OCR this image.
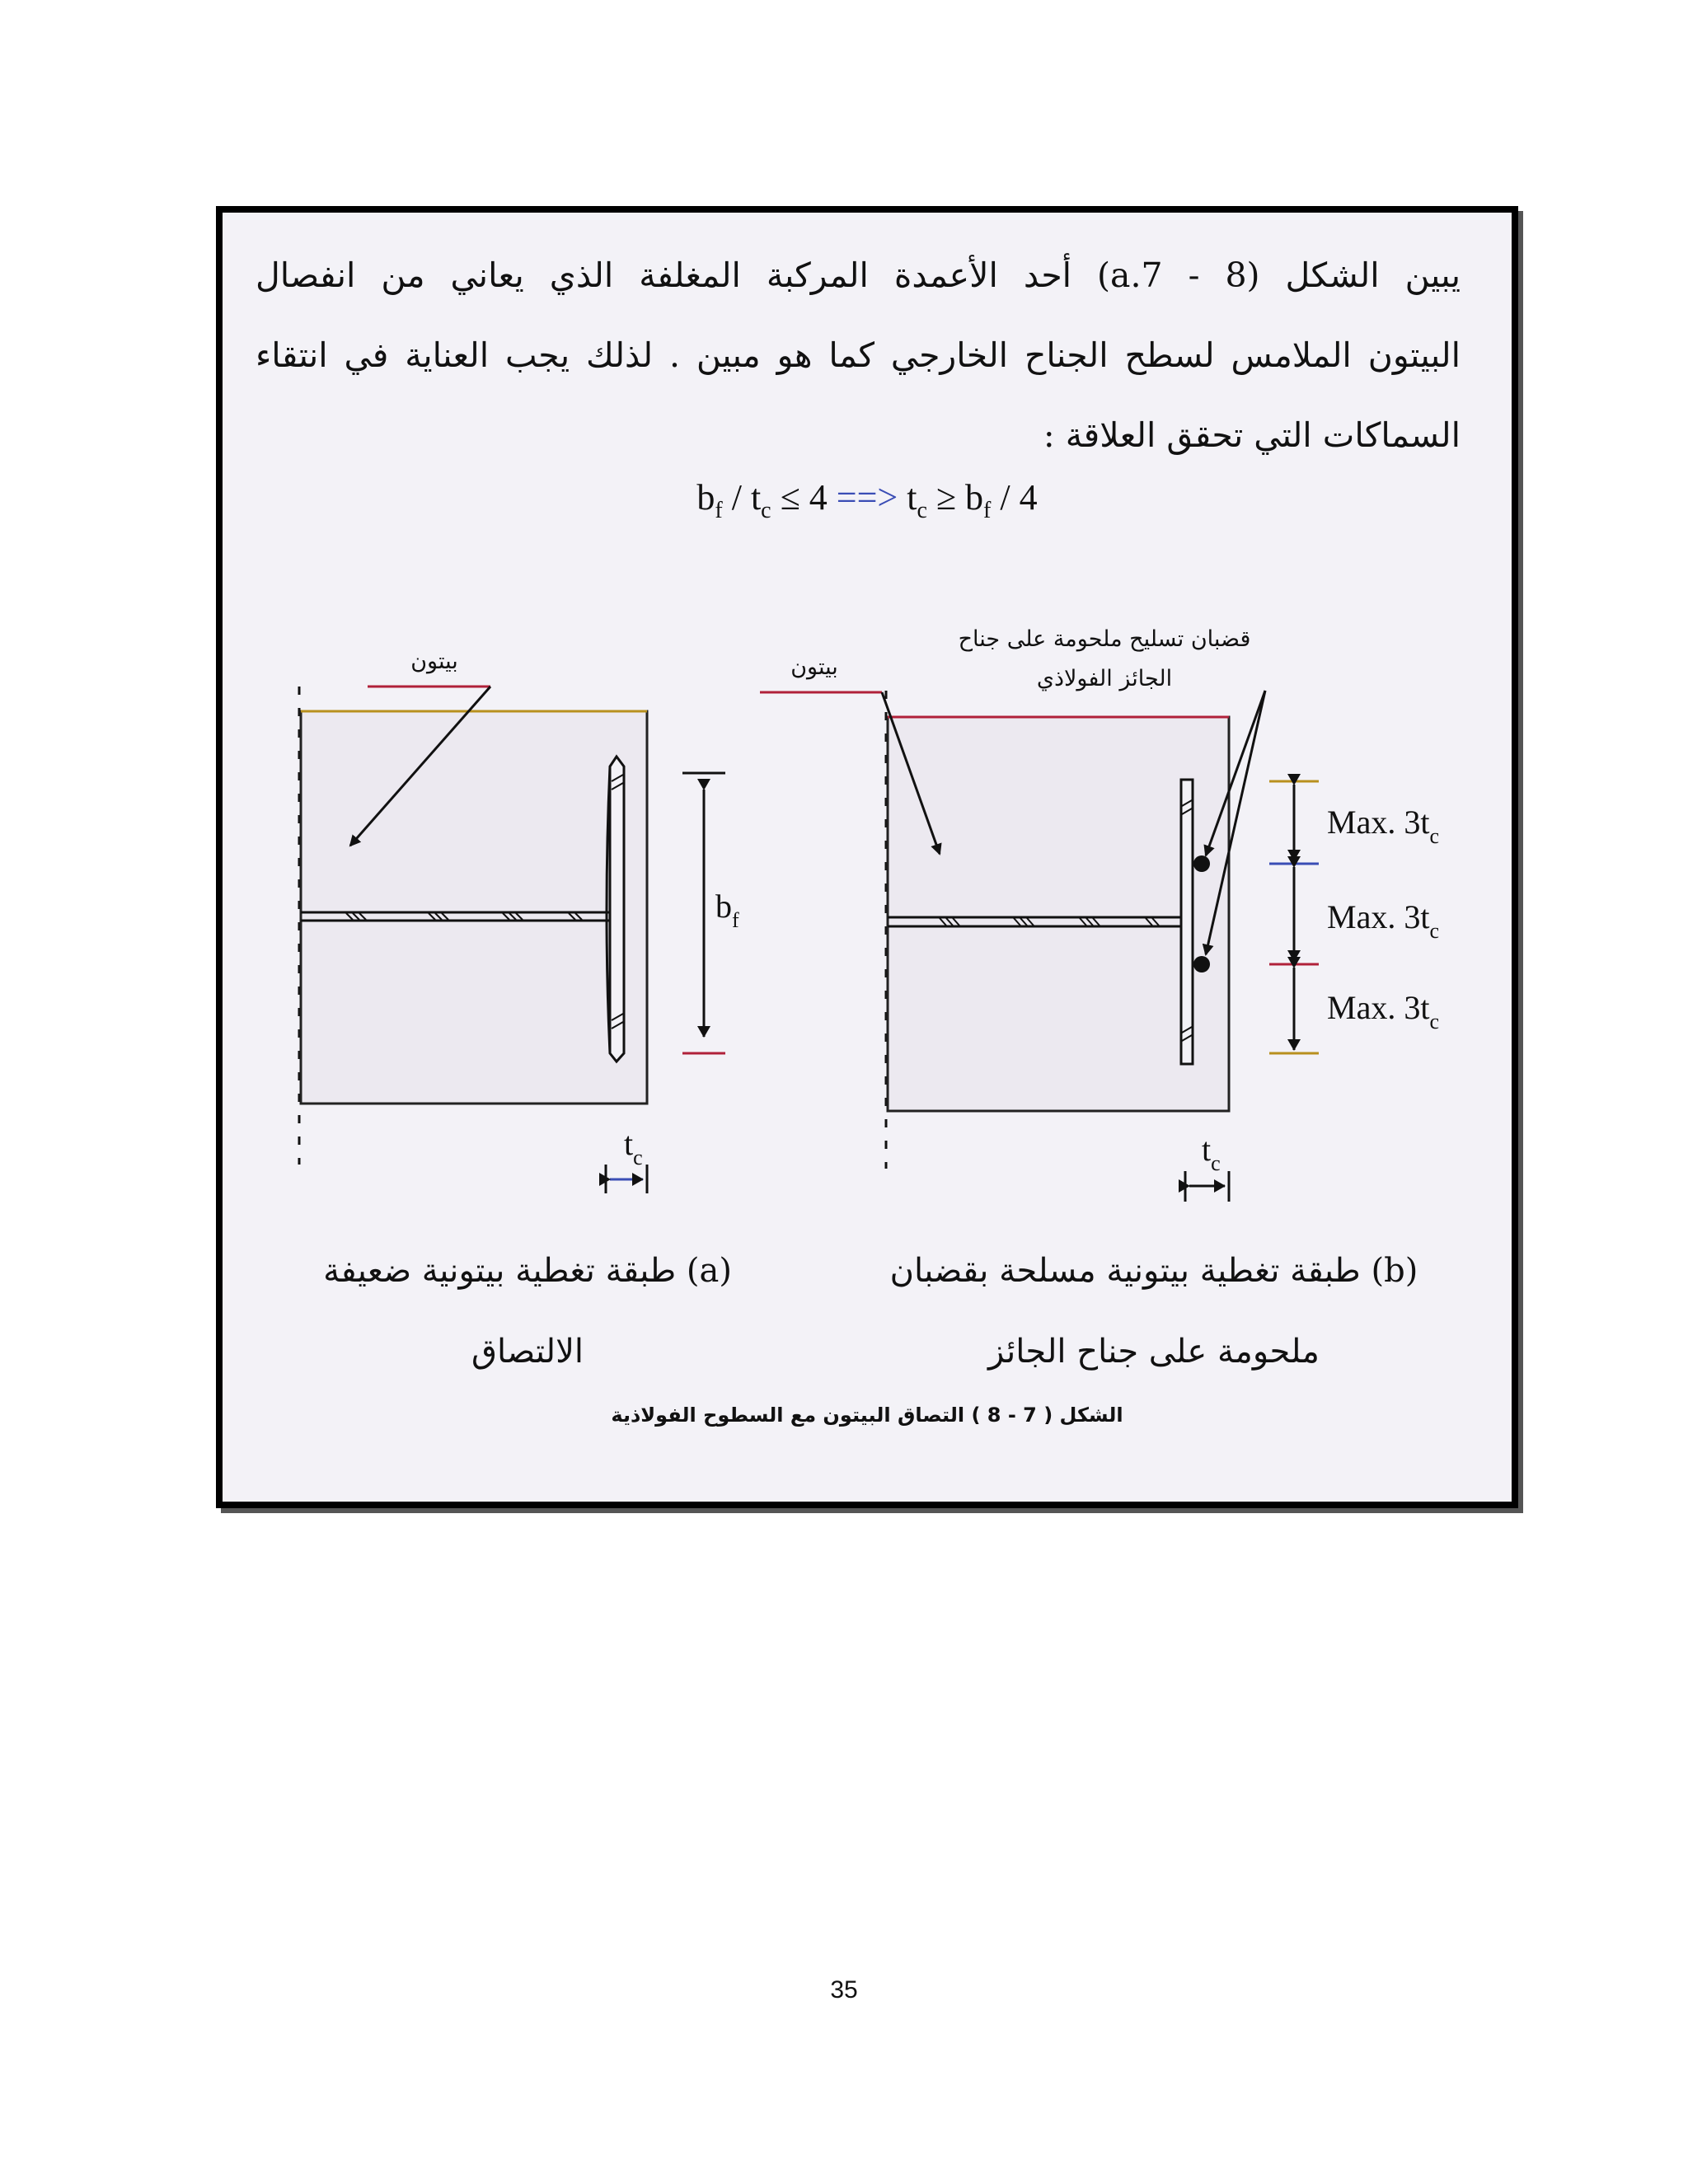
يبين الشكل (8 - 7.a) أحد الأعمدة المركبة المغلفة الذي يعاني من انفصال
البيتون الملامس لسطح الجناح الخارجي كما هو مبين . لذلك يجب العناية في انتقاء
السماكات التي تحقق العلاقة :

$b_f / t_c \le 4$ ==> $t_c \ge b_f / 4$
$b_f$
$t_c$
بيتون
Max. $3t_c$
Max. $3t_c$
Max. $3t_c$
$t_c$
بيتون
قضبان تسليح ملحومة على جناح
الجائز الفولاذي
(a) طبقة تغطية بيتونية ضعيفة
الالتصاق
(b) طبقة تغطية بيتونية مسلحة بقضبان
ملحومة على جناح الجائز
الشكل ( 7 - 8 ) التصاق البيتون مع السطوح الفولاذية
35
